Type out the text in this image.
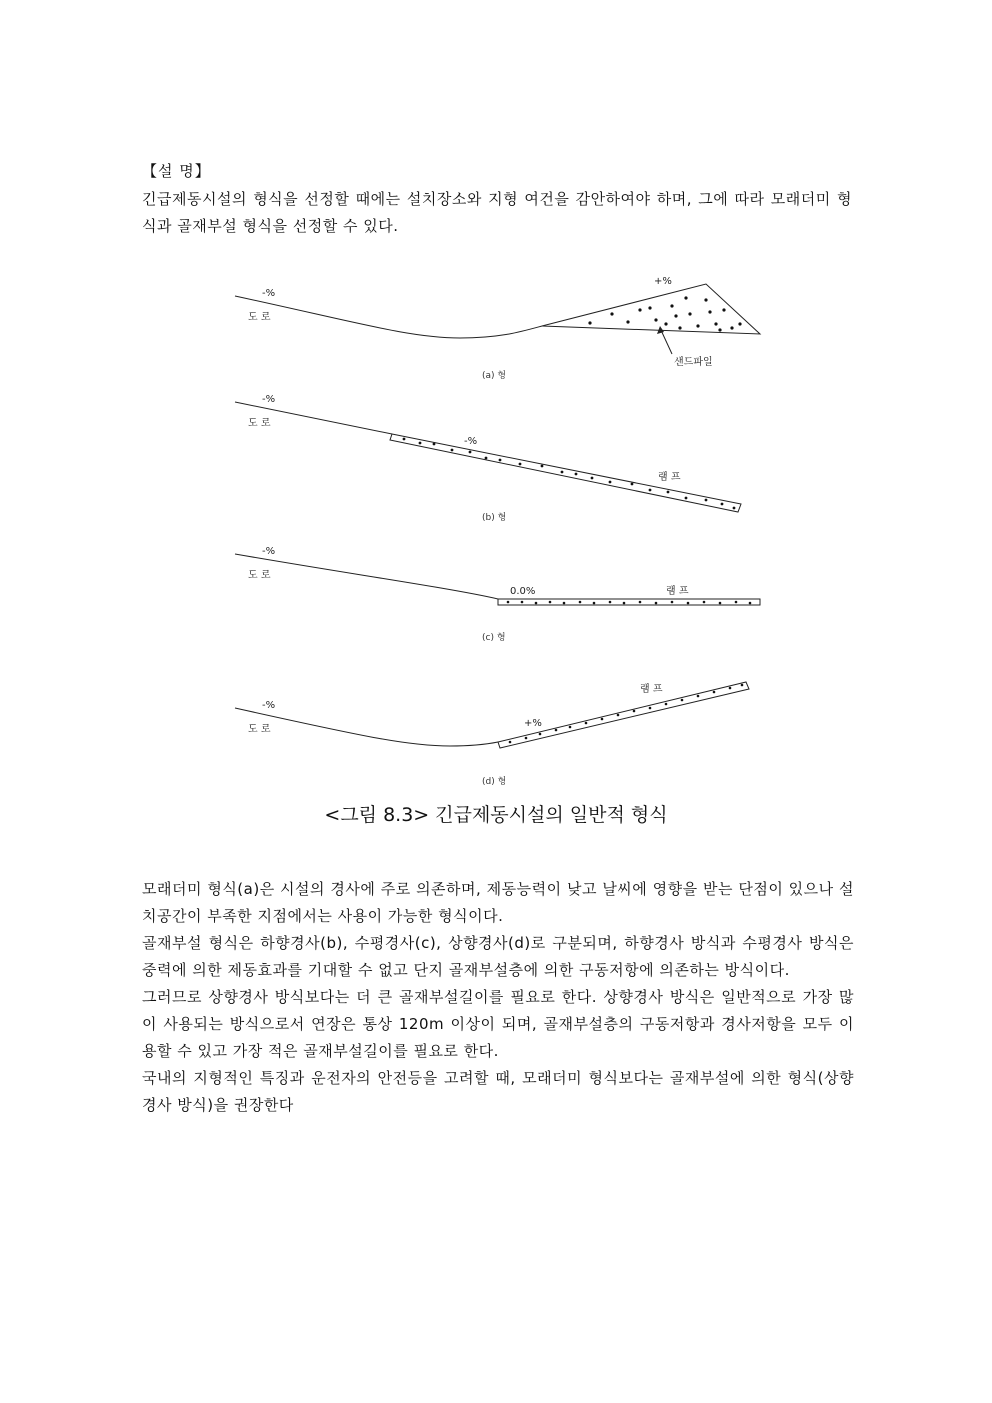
【설 명】

긴급제동시설의 형식을 선정할 때에는 설치장소와 지형 여건을 감안하여야 하며, 그에 따라 모래더미 형식과 골재부설 형식을 선정할 수 있다.

-%
도 로
+%
샌드파일
(a) 형
-%
도 로
-%
램 프
(b) 형
-%
도 로
0.0%	램 프
(c) 형
-%
도 로
+%
램 프
(d) 형
<그림 8.3> 긴급제동시설의 일반적 형식

모래더미 형식(a)은 시설의 경사에 주로 의존하며, 제동능력이 낮고 날씨에 영향을 받는 단점이 있으나 설치공간이 부족한 지점에서는 사용이 가능한 형식이다.

골재부설 형식은 하향경사(b), 수평경사(c), 상향경사(d)로 구분되며, 하향경사 방식과 수평경사 방식은 중력에 의한 제동효과를 기대할 수 없고 단지 골재부설층에 의한 구동저항에 의존하는 방식이다.

그러므로 상향경사 방식보다는 더 큰 골재부설길이를 필요로 한다. 상향경사 방식은 일반적으로 가장 많이 사용되는 방식으로서 연장은 통상 120m 이상이 되며, 골재부설층의 구동저항과 경사저항을 모두 이용할 수 있고 가장 적은 골재부설길이를 필요로 한다.

국내의 지형적인 특징과 운전자의 안전등을 고려할 때, 모래더미 형식보다는 골재부설에 의한 형식(상향경사 방식)을 권장한다
